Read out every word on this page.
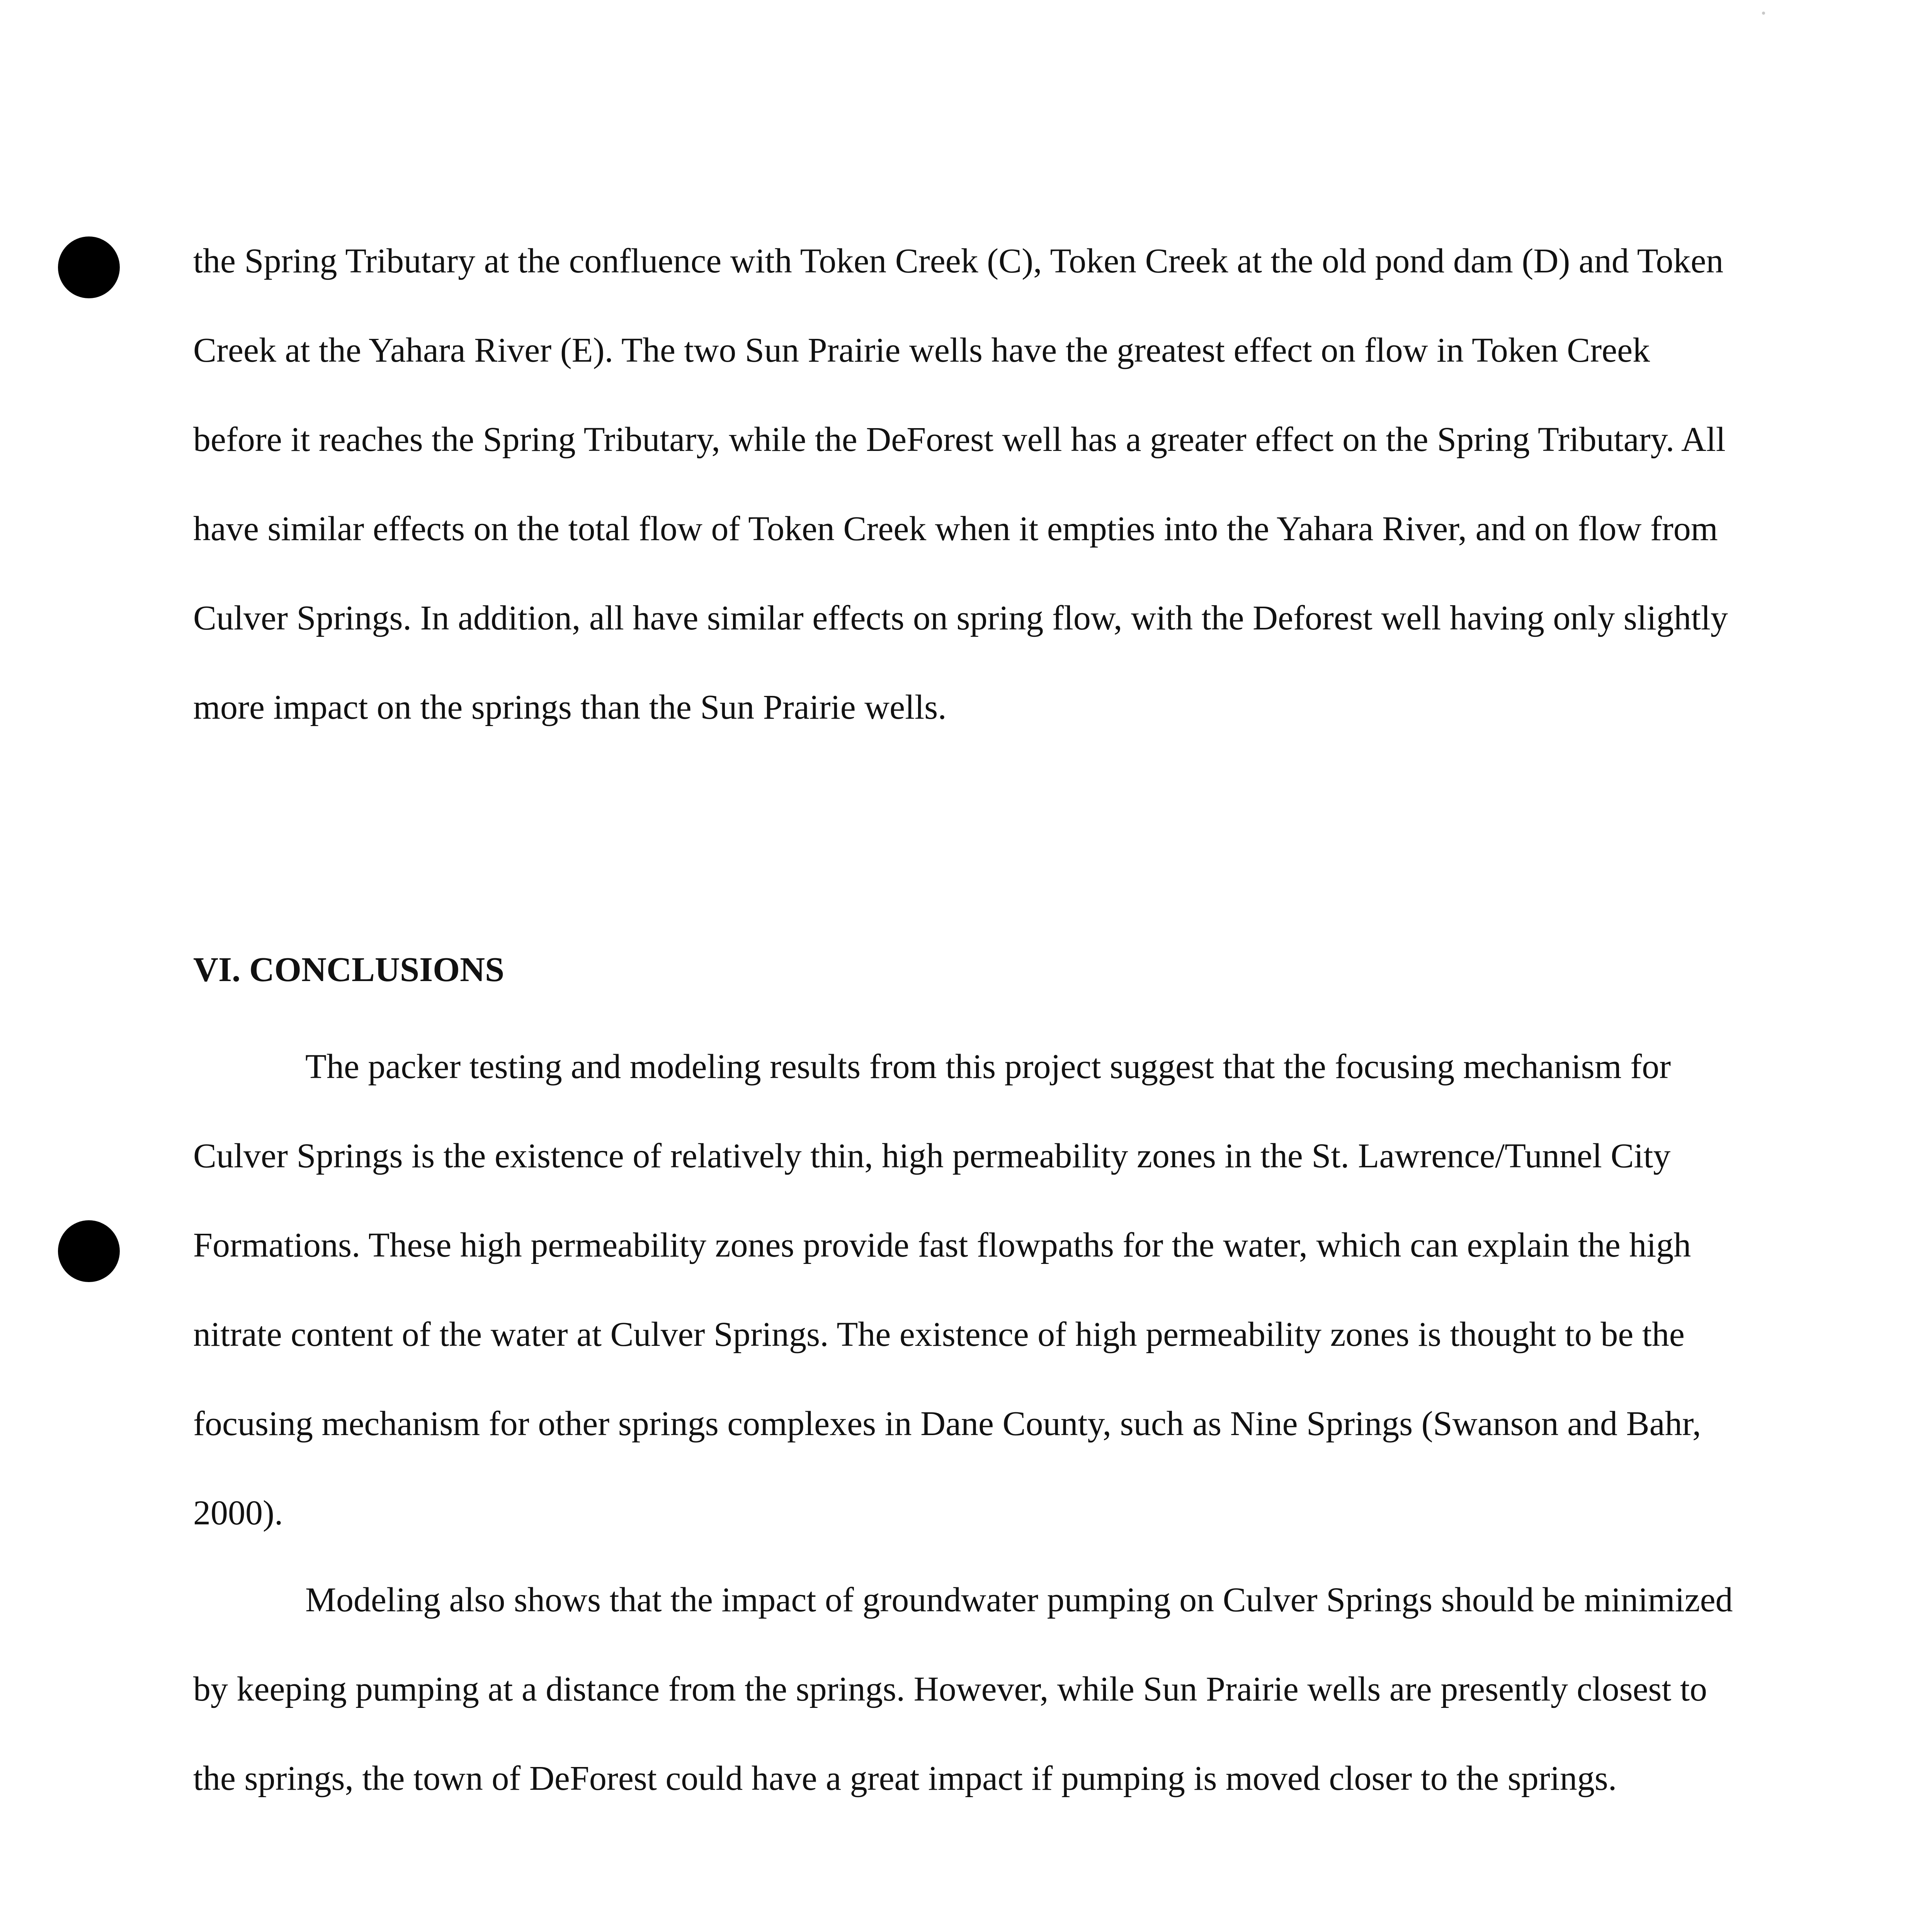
the Spring Tributary at the confluence with Token Creek (C), Token Creek at the old pond dam (D) and Token Creek at the Yahara River (E). The two Sun Prairie wells have the greatest effect on flow in Token Creek before it reaches the Spring Tributary, while the DeForest well has a greater effect on the Spring Tributary. All have similar effects on the total flow of Token Creek when it empties into the Yahara River, and on flow from Culver Springs. In addition, all have similar effects on spring flow, with the Deforest well having only slightly more impact on the springs than the Sun Prairie wells.

VI. CONCLUSIONS

The packer testing and modeling results from this project suggest that the focusing mechanism for Culver Springs is the existence of relatively thin, high permeability zones in the St. Lawrence/Tunnel City Formations. These high permeability zones provide fast flowpaths for the water, which can explain the high nitrate content of the water at Culver Springs. The existence of high permeability zones is thought to be the focusing mechanism for other springs complexes in Dane County, such as Nine Springs (Swanson and Bahr, 2000).

Modeling also shows that the impact of groundwater pumping on Culver Springs should be minimized by keeping pumping at a distance from the springs. However, while Sun Prairie wells are presently closest to the springs, the town of DeForest could have a great impact if pumping is moved closer to the springs.
